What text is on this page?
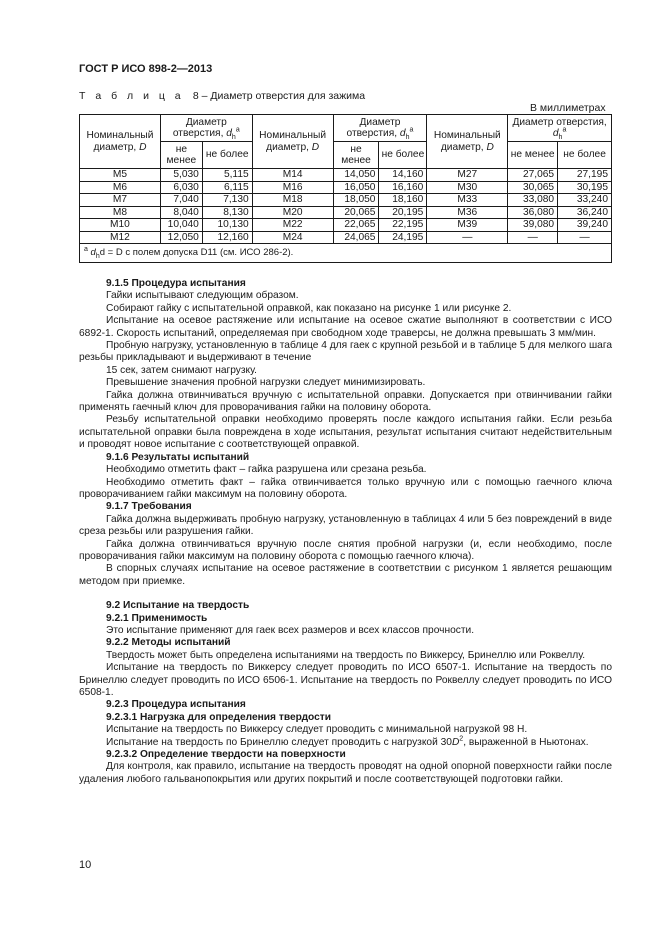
ГОСТ Р ИСО 898-2—2013
Т а б л и ц а 8 – Диаметр отверстия для зажима
В миллиметрах
Номинальный диаметр, D	Диаметр отверстия, $d_h^a$		Номинальный диаметр, D	Диаметр отверстия, $d_h^a$		Номинальный диаметр, D	Диаметр отверстия, $d_h^a$
	не менее	не более		не менее	не более		не менее	не более
M5	5,030	5,115	M14	14,050	14,160	M27	27,065	27,195
M6	6,030	6,115	M16	16,050	16,160	M30	30,065	30,195
M7	7,040	7,130	M18	18,050	18,160	M33	33,080	33,240
M8	8,040	8,130	M20	20,065	20,195	M36	36,080	36,240
M10	10,040	10,130	M22	22,065	22,195	M39	39,080	39,240
M12	12,050	12,160	M24	24,065	24,195	—	—	—
$^a$ $d_hd = D$ с полем допуска D11 (см. ИСО 286-2).								

9.1.5 Процедура испытания

Гайки испытывают следующим образом.

Собирают гайку с испытательной оправкой, как показано на рисунке 1 или рисунке 2.

Испытание на осевое растяжение или испытание на осевое сжатие выполняют в соответствии с ИСО 6892-1. Скорость испытаний, определяемая при свободном ходе траверсы, не должна превышать 3 мм/мин.

Пробную нагрузку, установленную в таблице 4 для гаек с крупной резьбой и в таблице 5 для мелкого шага резьбы прикладывают и выдерживают в течение

15 сек, затем снимают нагрузку.

Превышение значения пробной нагрузки следует минимизировать.

Гайка должна отвинчиваться вручную с испытательной оправки. Допускается при отвинчивании гайки применять гаечный ключ для проворачивания гайки на половину оборота.

Резьбу испытательной оправки необходимо проверять после каждого испытания гайки. Если резьба испытательной оправки была повреждена в ходе испытания, результат испытания считают недействительным и проводят новое испытание с соответствующей оправкой.

9.1.6 Результаты испытаний

Необходимо отметить факт – гайка разрушена или срезана резьба.

Необходимо отметить факт – гайка отвинчивается только вручную или с помощью гаечного ключа проворачиванием гайки максимум на половину оборота.

9.1.7 Требования

Гайка должна выдерживать пробную нагрузку, установленную в таблицах 4 или 5 без повреждений в виде среза резьбы или разрушения гайки.

Гайка должна отвинчиваться вручную после снятия пробной нагрузки (и, если необходимо, после проворачивания гайки максимум на половину оборота с помощью гаечного ключа).

В спорных случаях испытание на осевое растяжение в соответствии с рисунком 1 является решающим методом при приемке.

9.2 Испытание на твердость

9.2.1 Применимость

Это испытание применяют для гаек всех размеров и всех классов прочности.

9.2.2 Методы испытаний

Твердость может быть определена испытаниями на твердость по Виккерсу, Бринеллю или Роквеллу.

Испытание на твердость по Виккерсу следует проводить по ИСО 6507-1. Испытание на твердость по Бринеллю следует проводить по ИСО 6506-1. Испытание на твердость по Роквеллу следует проводить по ИСО 6508-1.

9.2.3 Процедура испытания

9.2.3.1 Нагрузка для определения твердости

Испытание на твердость по Виккерсу следует проводить с минимальной нагрузкой 98 Н.

Испытание на твердость по Бринеллю следует проводить с нагрузкой $30D^2$, выраженной в Ньютонах.

9.2.3.2 Определение твердости на поверхности

Для контроля, как правило, испытание на твердость проводят на одной опорной поверхности гайки после удаления любого гальванопокрытия или других покрытий и после соответствующей подготовки гайки.

10
